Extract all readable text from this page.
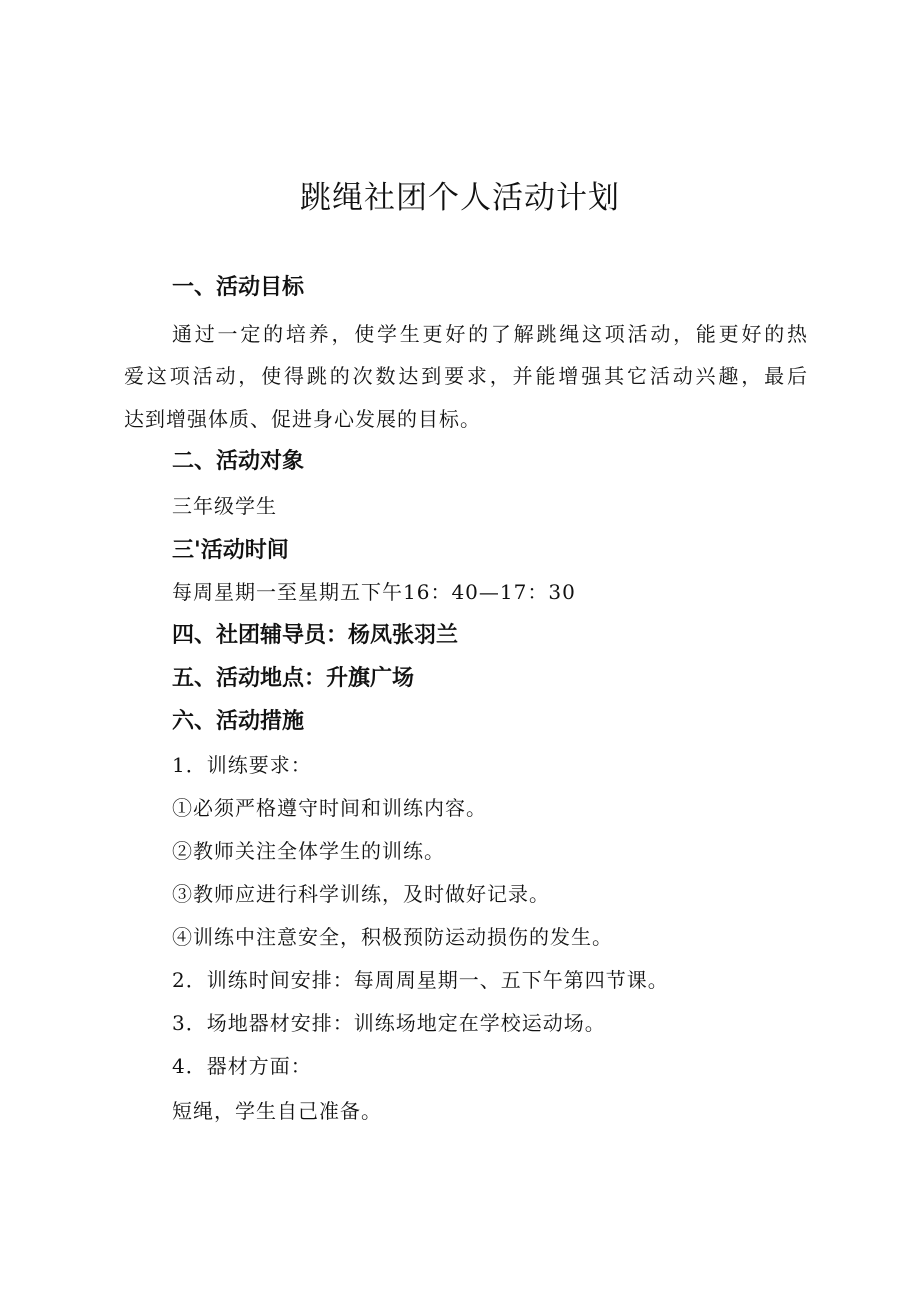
跳绳社团个人活动计划

一、活动目标

通过一定的培养，使学生更好的了解跳绳这项活动，能更好的热

爱这项活动，使得跳的次数达到要求，并能增强其它活动兴趣，最后

达到增强体质、促进身心发展的目标。

二、活动对象

三年级学生

三'活动时间

每周星期一至星期五下午16：40—17：30

四、社团辅导员：杨凤张羽兰

五、活动地点：升旗广场

六、活动措施

1．训练要求：

①必须严格遵守时间和训练内容。

②教师关注全体学生的训练。

③教师应进行科学训练，及时做好记录。

④训练中注意安全，积极预防运动损伤的发生。

2．训练时间安排：每周周星期一、五下午第四节课。

3．场地器材安排：训练场地定在学校运动场。

4．器材方面：

短绳，学生自己准备。
